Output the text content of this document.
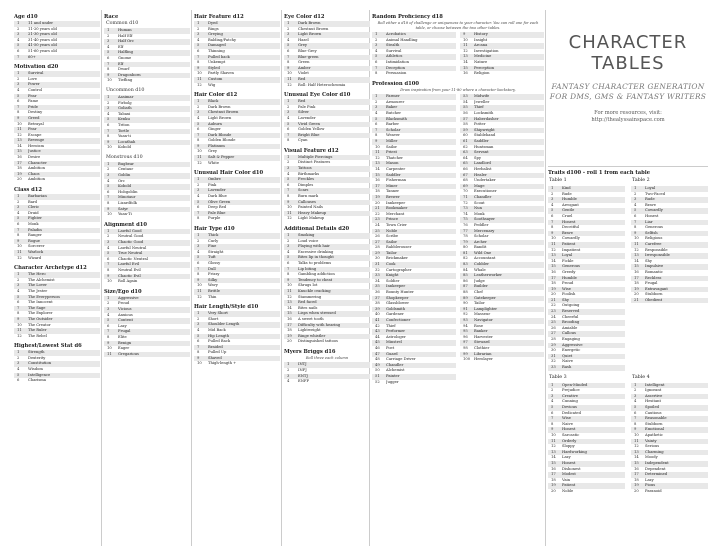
Age d10
1	11 and under
2	11-20 years old
3	21-30 years old
4	31-40 years old
5	41-50 years old
6	51-60 years old
7	60+
Motivation d20
1	Survival
2	Love
3	Power
4	Control
5	Fear
6	Fame
7	Pride
8	Destiny
9	Greed
10	Betrayal
11	Fear
12	Escape
13	Revenge
14	Heroism
15	Justice
16	Desire
17	Character
18	Ambition
19	Chaos
20	Ambition
Class d12
1	Barbarian
2	Bard
3	Cleric
4	Druid
5	Fighter
6	Monk
7	Paladin
8	Ranger
9	Rogue
10	Sorcerer
11	Warlock
12	Wizard
Character Archetype d12
1	The Hero
2	The Alchemist
3	The Lover
4	The Jester
5	The Everyperson
6	The Innocent
7	The Sage
8	The Explorer
9	The Outsider
10	The Creator
11	The Ruler
12	The Rebel
Highest/Lowest Stat d6
1	Strength
2	Dexterity
3	Constitution
4	Wisdom
5	Intelligence
6	Charisma
Race
Common d10
1	Human
2	Half Elf
3	Half Orc
4	Elf
5	Halfling
6	Gnome
7	Elf
8	Dwarf
9	Dragonborn
10	Tiefling
Uncommon d10
1	Aasimar
2	Firbolg
3	Goliath
4	Tabaxi
5	Kenku
6	Triton
7	Tortle
8	Yuan-ti
9	Locathah
10	Kobold
Monstrous d10
1	Bugbear
2	Centaur
3	Goblin
4	Orc
5	Kobold
6	Hobgoblin
7	Minotaur
8	Lizardfolk
9	Satyr
10	Yuan-Ti
Alignment d10
1	Lawful Good
2	Neutral Good
3	Chaotic Good
4	Lawful Neutral
5	True Neutral
6	Chaotic Neutral
7	Lawful Evil
8	Neutral Evil
9	Chaotic Evil
10	Roll Again
Size/Ego d10
1	Aggressive
2	Proud
3	Vicious
4	Anxious
5	Content
6	Lazy
7	Frugal
8	Elite
9	Benign
10	Eager
11	Gregarious
Hair Feature d12
1	Dyed
2	Rings
3	Greying
4	Balding/Patchy
5	Damaged
6	Thinning
7	Pulled back
8	Unkempt
9	Styled
10	Partly Shaven
11	Custom
12	Wig
Hair Color d12
1	Black
2	Dark Brown
3	Chestnut Brown
4	Light Brown
5	Auburn
6	Ginger
7	Dark Blonde
8	Golden Blonde
9	Platinum
10	Grey
11	Salt & Pepper
12	White
Unusual Hair Color d10
1	Ombre
2	Pink
3	Lavender
4	Dark Blue
5	Olive Green
6	Deep Red
7	Pale Blue
8	Purple
Hair Type d10
1	Thick
2	Curly
3	Fine
4	Straight
5	Tuft
6	Glossy
7	Dull
8	Frizzy
9	Silky
10	Wavy
11	Brittle
12	Thin
Hair Length/Style d10
1	Very Short
2	Short
3	Shoulder Length
4	Mid Back
5	Hip Length
6	Pulled Back
7	Braided
8	Pulled Up
9	Shaved
10	Thigh-length +
Eye Color d12
1	Dark Brown
2	Chestnut Brown
3	Light Brown
4	Hazel
5	Grey
6	Blue-Grey
7	Blue-green
8	Green
9	Amber
10	Violet
11	Red
12	Roll: Half Heterochromia
Unusual Eye Color d10
1	Red
2	Pale Pink
3	Silver
4	Lavender
5	Vivid Green
6	Golden Yellow
7	Bright Blue
8	Cyan
Visual Feature d12
1	Multiple Piercings
2	Distinct Features
3	Tattoos
4	Birthmarks
5	Freckles
6	Dimples
7	Scars
8	Burn mark
9	Callouses
10	Painted Nails
11	Heavy Makeup
12	Light Makeup
Additional Details d20
1	Smoking
2	Loud voice
3	Playing with hair
4	Excessive drinking
5	Bites lip in thought
6	Talks to problems
7	Lip biting
8	Gambling addiction
9	Tendency to cheat
10	Shrugs lot
11	Knuckle cracking
12	Stammering
13	Red faced
14	Bites nails
15	Lisps when stressed
16	A sweet tooth
17	Difficulty with hearing
18	Lightweight
19	Ringe whistler
20	Distinguished tattoos
Myers Briggs d16
Roll three each column
1	INTJ
2	INFJ
3	ENTJ
4	ENFP
Random Proficiency d18
Roll either a d18 of challenge or uniqueness to your character. You can roll one for each table, or choose between the two other tables.
1	Acrobatics
2	Animal Handling
3	Stealth
4	Survival
5	Athletics
6	Intimidation
7	Deception
8	Persuasion
9	History
10	Insight
11	Arcana
12	Investigation
13	Medicine
14	Nature
15	Perception
16	Religion
Profession d100
Draw inspiration from your 11-80 where a character backstory.
1	Farmer
2	Armourer
3	Baker
4	Butcher
5	Blacksmith
6	Barber
7	Scholar
8	Weaver
9	Miller
10	Sailor
11	Priest
12	Thatcher
13	Mason
14	Carpenter
15	Saddler
16	Fisherman
17	Miner
18	Tanner
19	Brewer
20	Innkeeper
21	Bookmaker
22	Merchant
23	Prince
24	Town Crier
25	Noble
26	Scribe
27	Sailor
28	Rabblerouser
29	Tailor
30	Brickmaker
31	Cook
32	Cartographer
33	Knight
34	Soldier
35	Innkeeper
36	Bounty Hunter
37	Shopkeeper
38	Glassblower
39	Goldsmith
40	Gardener
41	Confectioner
42	Thief
43	Performer
44	Astrologer
45	Minstrel
46	Poet
47	Guard
48	Carriage Driver
49	Chandler
50	Alchemist
51	Painter
52	Jugger
53	Midwife
54	Jeweller
55	Thief
56	Locksmith
57	Haberdasher
58	Potter
59	Shipwright
60	Stablehand
61	Saddler
62	Huntsman
63	Servant
64	Spy
65	Landlord
66	Herbalist
67	Healer
68	Undertaker
69	Mage
70	Executioner
71	Chandler
72	Scout
73	Nun
74	Monk
75	Soothsayer
76	Peddler
77	Mercenary
78	Scholar
79	Archer
80	Bandit
81	Wild One
82	Accountant
83	Cobbler
84	Whale
85	Leatherworker
86	Judge
87	Builder
88	Chef
89	Gatekeeper
90	Tailor
91	Lamplighter
92	Masseur
93	Navigator
94	Rose
95	Banker
96	Harvester
97	Steward
98	Clothier
99	Librarian
100	Herolayer
CHARACTER TABLES
FANTASY CHARACTER GENERATION FOR DMS, GMS & FANTASY WRITERS
For more resources, visit:
http://thealyssainspace.com
Traits d100 - roll 1 from each table
Table 1
1	Kind
2	Rude
3	Humble
4	Arrogant
5	Gentle
6	Cruel
7	Honest
8	Deceitful
9	Brave
10	Cowardly
11	Patient
12	Impatient
13	Loyal
14	Fickle
15	Generous
16	Greedy
17	Humble
18	Proud
19	Wise
20	Foolish
21	Shy
22	Outgoing
23	Reserved
24	Cheerful
25	Brooding
26	Amiable
27	Callous
28	Engaging
29	Aggressive
30	Energetic
31	Quiet
32	Naive
33	Rash
Table 2
1	Loyal
2	Two-Faced
3	Rude
4	Brave
5	Cowardly
6	Honest
7	Liar
8	Generous
9	Selfish
10	Religious
11	Carefree
12	Responsible
13	Irresponsible
14	Shy
15	Impulsive
16	Romantic
17	Reckless
18	Frugal
19	Extravagant
20	Stubborn
21	Obedient
Table 3
1	Open-Minded
2	Prejudice
3	Creative
4	Cunning
5	Devious
6	Dedicated
7	Wise
8	Naive
9	Honest
10	Sarcastic
11	Orderly
12	Sloppy
13	Hardworking
14	Lazy
15	Honest
16	Dishonest
17	Modest
18	Vain
19	Patient
20	Noble
Table 4
1	Intelligent
2	Ignorant
3	Assertive
4	Hesitant
5	Spoiled
6	Cautious
7	Reasonable
8	Stubborn
9	Emotional
10	Apathetic
11	Vainty
12	Serious
13	Charming
14	Moody
15	Independent
16	Dependent
17	Determined
18	Lazy
19	Pious
20	Paranoid
